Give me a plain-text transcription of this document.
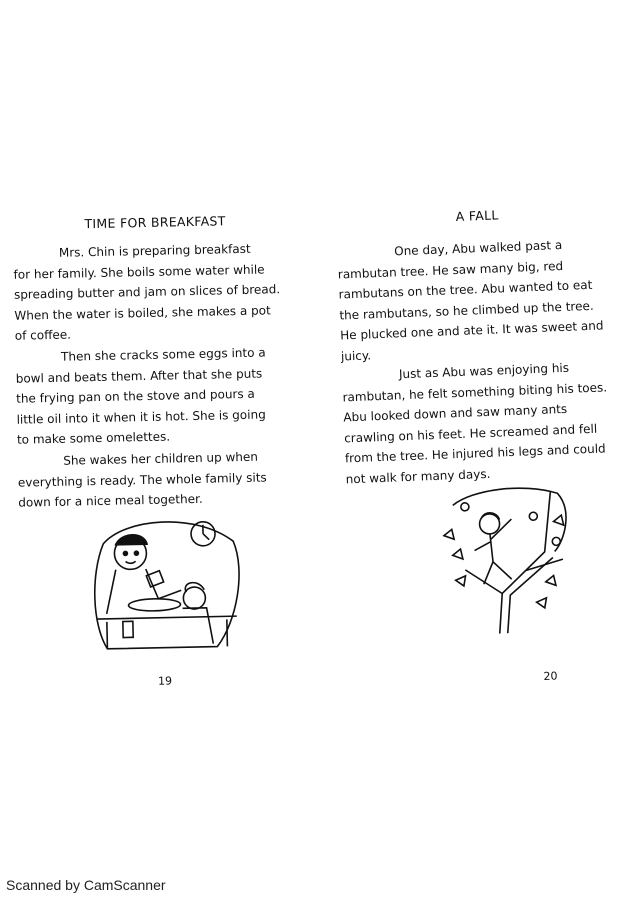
TIME FOR BREAKFAST

Mrs. Chin is preparing breakfast
for her family. She boils some water while
spreading butter and jam on slices of bread.
When the water is boiled, she makes a pot
of coffee.

Then she cracks some eggs into a
bowl and beats them. After that she puts
the frying pan on the stove and pours a
little oil into it when it is hot. She is going
to make some omelettes.

She wakes her children up when
everything is ready. The whole family sits
down for a nice meal together.

19
A FALL

One day, Abu walked past a
rambutan tree. He saw many big, red
rambutans on the tree. Abu wanted to eat
the rambutans, so he climbed up the tree.
He plucked one and ate it. It was sweet and
juicy.

Just as Abu was enjoying his
rambutan, he felt something biting his toes.
Abu looked down and saw many ants
crawling on his feet. He screamed and fell
from the tree. He injured his legs and could
not walk for many days.

20
Scanned by CamScanner
